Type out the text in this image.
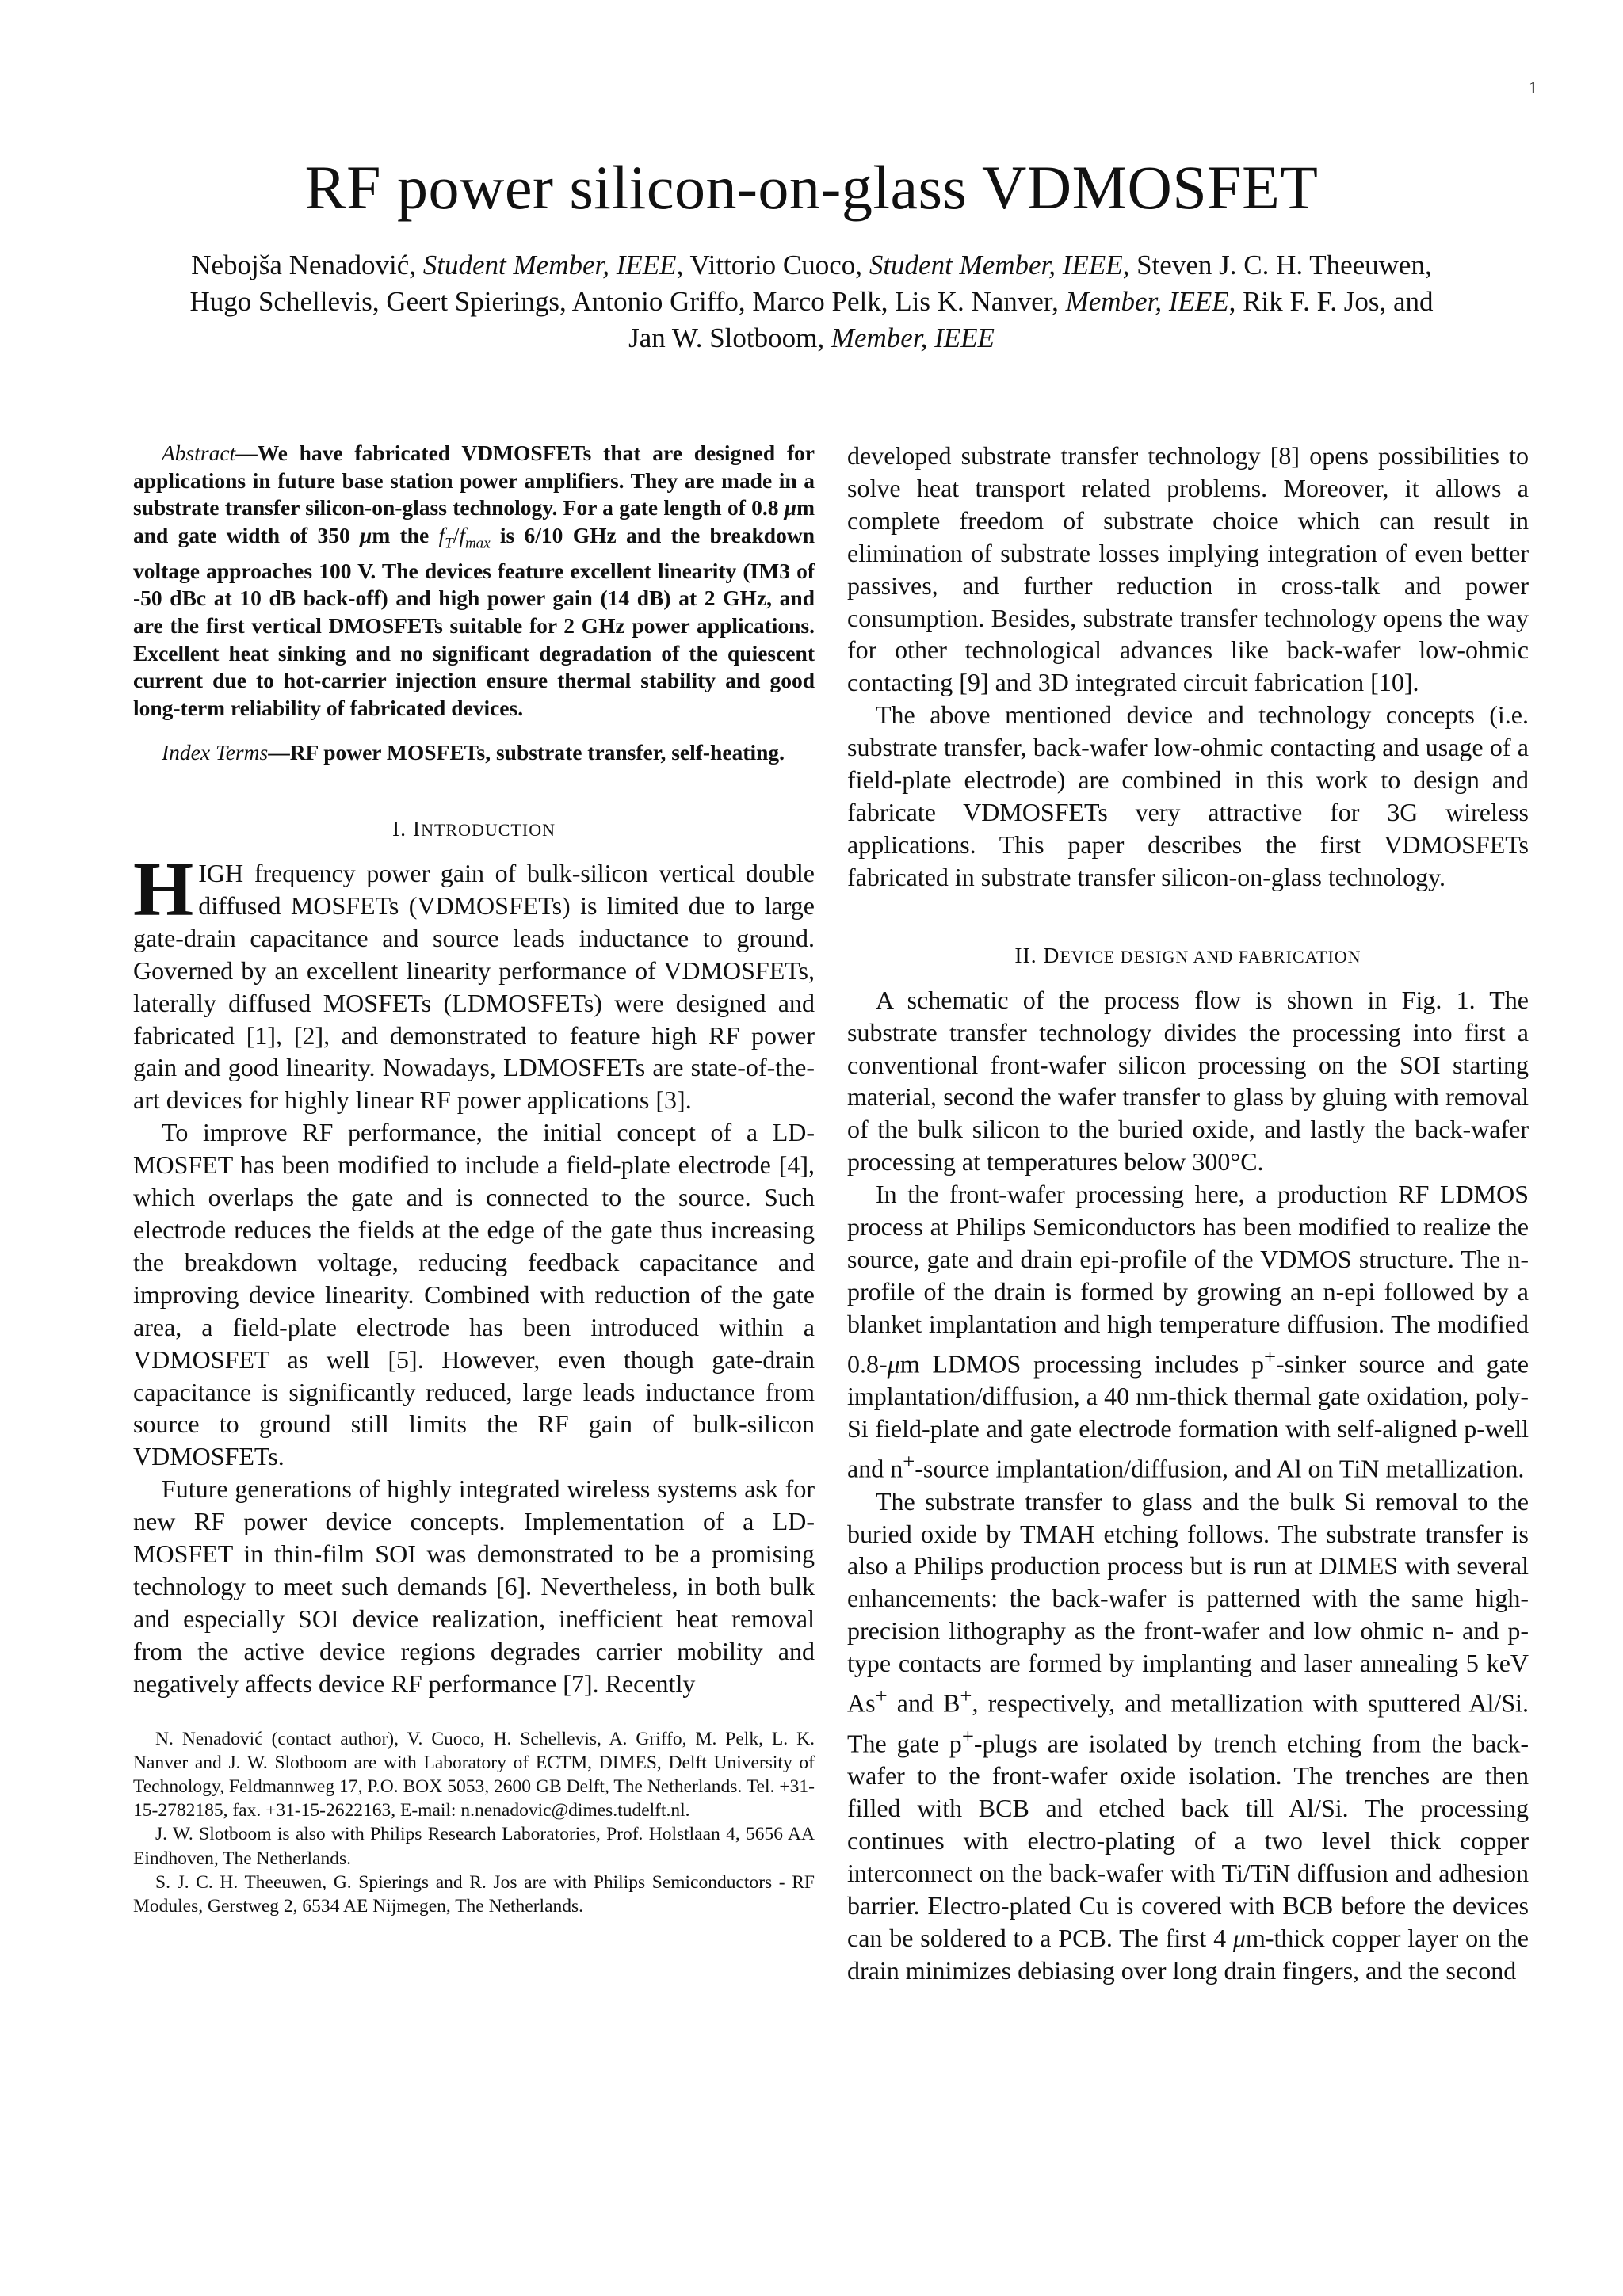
1
RF power silicon-on-glass VDMOSFET
Nebojša Nenadović, Student Member, IEEE, Vittorio Cuoco, Student Member, IEEE, Steven J. C. H. Theeuwen,
Hugo Schellevis, Geert Spierings, Antonio Griffo, Marco Pelk, Lis K. Nanver, Member, IEEE, Rik F. F. Jos, and
Jan W. Slotboom, Member, IEEE

Abstract—We have fabricated VDMOSFETs that are designed for applications in future base station power amplifiers. They are made in a substrate transfer silicon-on-glass technology. For a gate length of 0.8 μm and gate width of 350 μm the $f_T/f_{max}$ is 6/10 GHz and the breakdown voltage approaches 100 V. The devices feature excellent linearity (IM3 of -50 dBc at 10 dB back-off) and high power gain (14 dB) at 2 GHz, and are the first vertical DMOSFETs suitable for 2 GHz power applications. Excellent heat sinking and no significant degradation of the quiescent current due to hot-carrier injection ensure thermal stability and good long-term reliability of fabricated devices.

Index Terms—RF power MOSFETs, substrate transfer, self-heating.

I. INTRODUCTION

HIGH frequency power gain of bulk-silicon vertical double diffused MOSFETs (VDMOSFETs) is limited due to large gate-drain capacitance and source leads inductance to ground. Governed by an excellent linearity performance of VDMOSFETs, laterally diffused MOSFETs (LDMOSFETs) were designed and fabricated [1], [2], and demonstrated to feature high RF power gain and good linearity. Nowadays, LDMOSFETs are state-of-the-art devices for highly linear RF power applications [3].

To improve RF performance, the initial concept of a LD-MOSFET has been modified to include a field-plate electrode [4], which overlaps the gate and is connected to the source. Such electrode reduces the fields at the edge of the gate thus increasing the breakdown voltage, reducing feedback capacitance and improving device linearity. Combined with reduction of the gate area, a field-plate electrode has been introduced within a VDMOSFET as well [5]. However, even though gate-drain capacitance is significantly reduced, large leads inductance from source to ground still limits the RF gain of bulk-silicon VDMOSFETs.

Future generations of highly integrated wireless systems ask for new RF power device concepts. Implementation of a LD-MOSFET in thin-film SOI was demonstrated to be a promising technology to meet such demands [6]. Nevertheless, in both bulk and especially SOI device realization, inefficient heat removal from the active device regions degrades carrier mobility and negatively affects device RF performance [7]. Recently

N. Nenadović (contact author), V. Cuoco, H. Schellevis, A. Griffo, M. Pelk, L. K. Nanver and J. W. Slotboom are with Laboratory of ECTM, DIMES, Delft University of Technology, Feldmannweg 17, P.O. BOX 5053, 2600 GB Delft, The Netherlands. Tel. +31-15-2782185, fax. +31-15-2622163, E-mail: n.nenadovic@dimes.tudelft.nl.

J. W. Slotboom is also with Philips Research Laboratories, Prof. Holstlaan 4, 5656 AA Eindhoven, The Netherlands.

S. J. C. H. Theeuwen, G. Spierings and R. Jos are with Philips Semiconductors - RF Modules, Gerstweg 2, 6534 AE Nijmegen, The Netherlands.

developed substrate transfer technology [8] opens possibilities to solve heat transport related problems. Moreover, it allows a complete freedom of substrate choice which can result in elimination of substrate losses implying integration of even better passives, and further reduction in cross-talk and power consumption. Besides, substrate transfer technology opens the way for other technological advances like back-wafer low-ohmic contacting [9] and 3D integrated circuit fabrication [10].

The above mentioned device and technology concepts (i.e. substrate transfer, back-wafer low-ohmic contacting and usage of a field-plate electrode) are combined in this work to design and fabricate VDMOSFETs very attractive for 3G wireless applications. This paper describes the first VDMOSFETs fabricated in substrate transfer silicon-on-glass technology.

II. DEVICE DESIGN AND FABRICATION

A schematic of the process flow is shown in Fig. 1. The substrate transfer technology divides the processing into first a conventional front-wafer silicon processing on the SOI starting material, second the wafer transfer to glass by gluing with removal of the bulk silicon to the buried oxide, and lastly the back-wafer processing at temperatures below 300°C.

In the front-wafer processing here, a production RF LDMOS process at Philips Semiconductors has been modified to realize the source, gate and drain epi-profile of the VDMOS structure. The n-profile of the drain is formed by growing an n-epi followed by a blanket implantation and high temperature diffusion. The modified 0.8-μm LDMOS processing includes p+-sinker source and gate implantation/diffusion, a 40 nm-thick thermal gate oxidation, poly-Si field-plate and gate electrode formation with self-aligned p-well and n+-source implantation/diffusion, and Al on TiN metallization.

The substrate transfer to glass and the bulk Si removal to the buried oxide by TMAH etching follows. The substrate transfer is also a Philips production process but is run at DIMES with several enhancements: the back-wafer is patterned with the same high-precision lithography as the front-wafer and low ohmic n- and p-type contacts are formed by implanting and laser annealing 5 keV As+ and B+, respectively, and metallization with sputtered Al/Si. The gate p+-plugs are isolated by trench etching from the back-wafer to the front-wafer oxide isolation. The trenches are then filled with BCB and etched back till Al/Si. The processing continues with electro-plating of a two level thick copper interconnect on the back-wafer with Ti/TiN diffusion and adhesion barrier. Electro-plated Cu is covered with BCB before the devices can be soldered to a PCB. The first 4 μm-thick copper layer on the drain minimizes debiasing over long drain fingers, and the second
